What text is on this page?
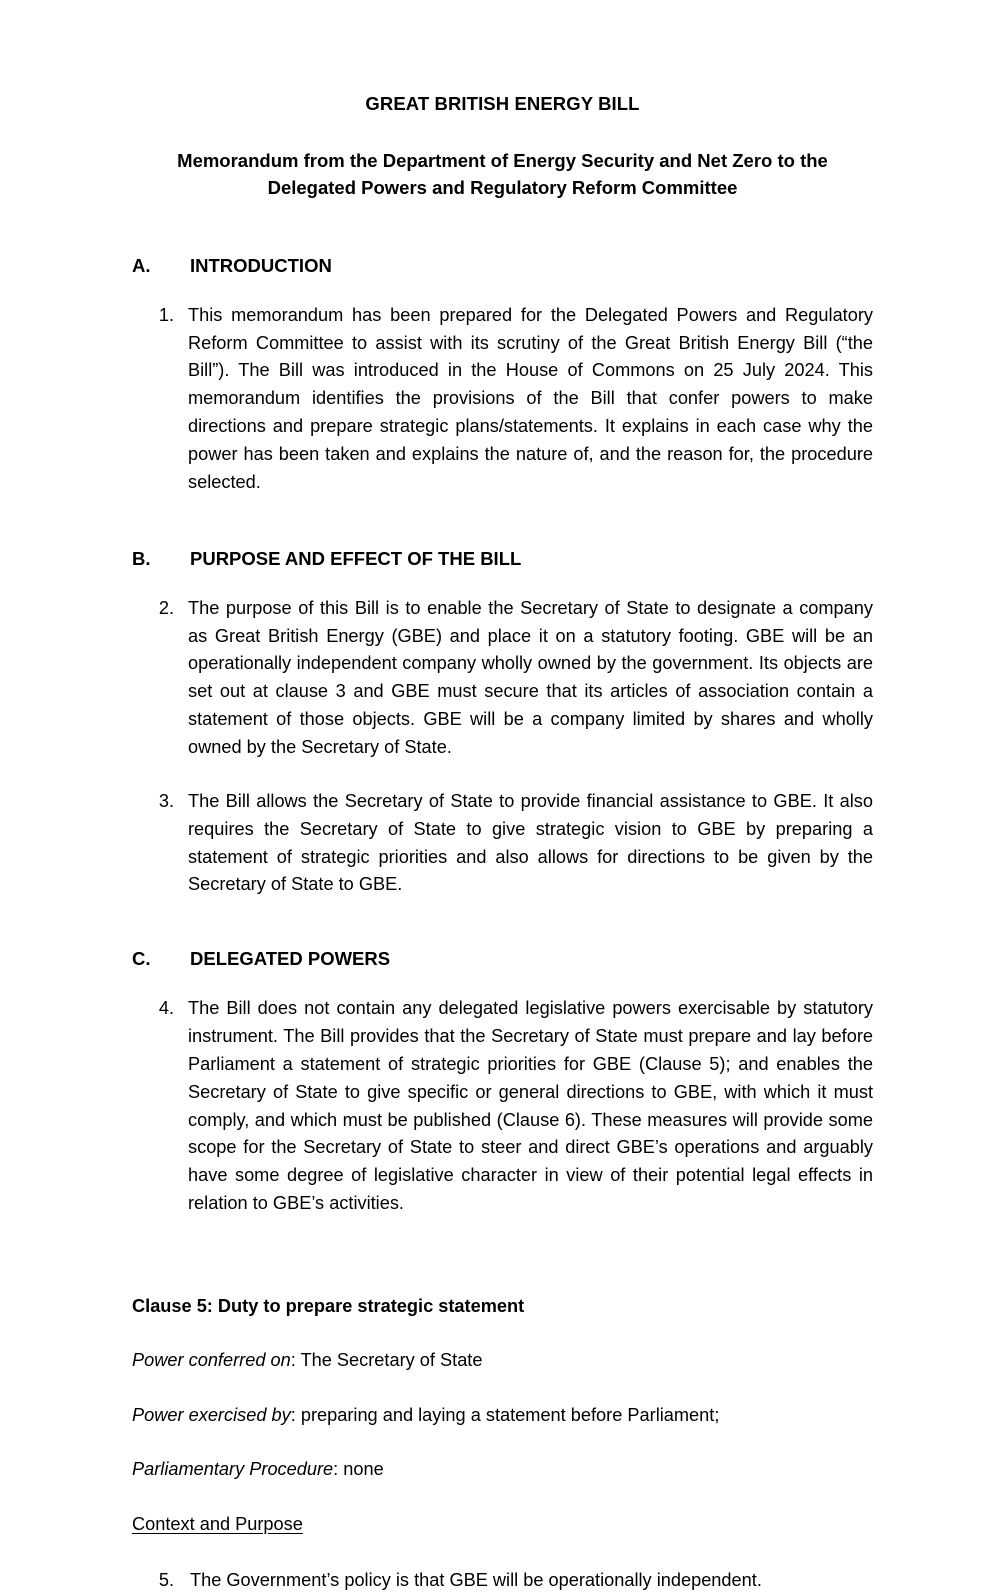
GREAT BRITISH ENERGY BILL
Memorandum from the Department of Energy Security and Net Zero to the Delegated Powers and Regulatory Reform Committee
A.	INTRODUCTION
1. This memorandum has been prepared for the Delegated Powers and Regulatory Reform Committee to assist with its scrutiny of the Great British Energy Bill (“the Bill”). The Bill was introduced in the House of Commons on 25 July 2024. This memorandum identifies the provisions of the Bill that confer powers to make directions and prepare strategic plans/statements. It explains in each case why the power has been taken and explains the nature of, and the reason for, the procedure selected.
B.	PURPOSE AND EFFECT OF THE BILL
2. The purpose of this Bill is to enable the Secretary of State to designate a company as Great British Energy (GBE) and place it on a statutory footing. GBE will be an operationally independent company wholly owned by the government. Its objects are set out at clause 3 and GBE must secure that its articles of association contain a statement of those objects. GBE will be a company limited by shares and wholly owned by the Secretary of State.
3. The Bill allows the Secretary of State to provide financial assistance to GBE. It also requires the Secretary of State to give strategic vision to GBE by preparing a statement of strategic priorities and also allows for directions to be given by the Secretary of State to GBE.
C.	DELEGATED POWERS
4. The Bill does not contain any delegated legislative powers exercisable by statutory instrument. The Bill provides that the Secretary of State must prepare and lay before Parliament a statement of strategic priorities for GBE (Clause 5); and enables the Secretary of State to give specific or general directions to GBE, with which it must comply, and which must be published (Clause 6). These measures will provide some scope for the Secretary of State to steer and direct GBE’s operations and arguably have some degree of legislative character in view of their potential legal effects in relation to GBE’s activities.
Clause 5: Duty to prepare strategic statement
Power conferred on: The Secretary of State
Power exercised by: preparing and laying a statement before Parliament;
Parliamentary Procedure: none
Context and Purpose
5. The Government’s policy is that GBE will be operationally independent.
